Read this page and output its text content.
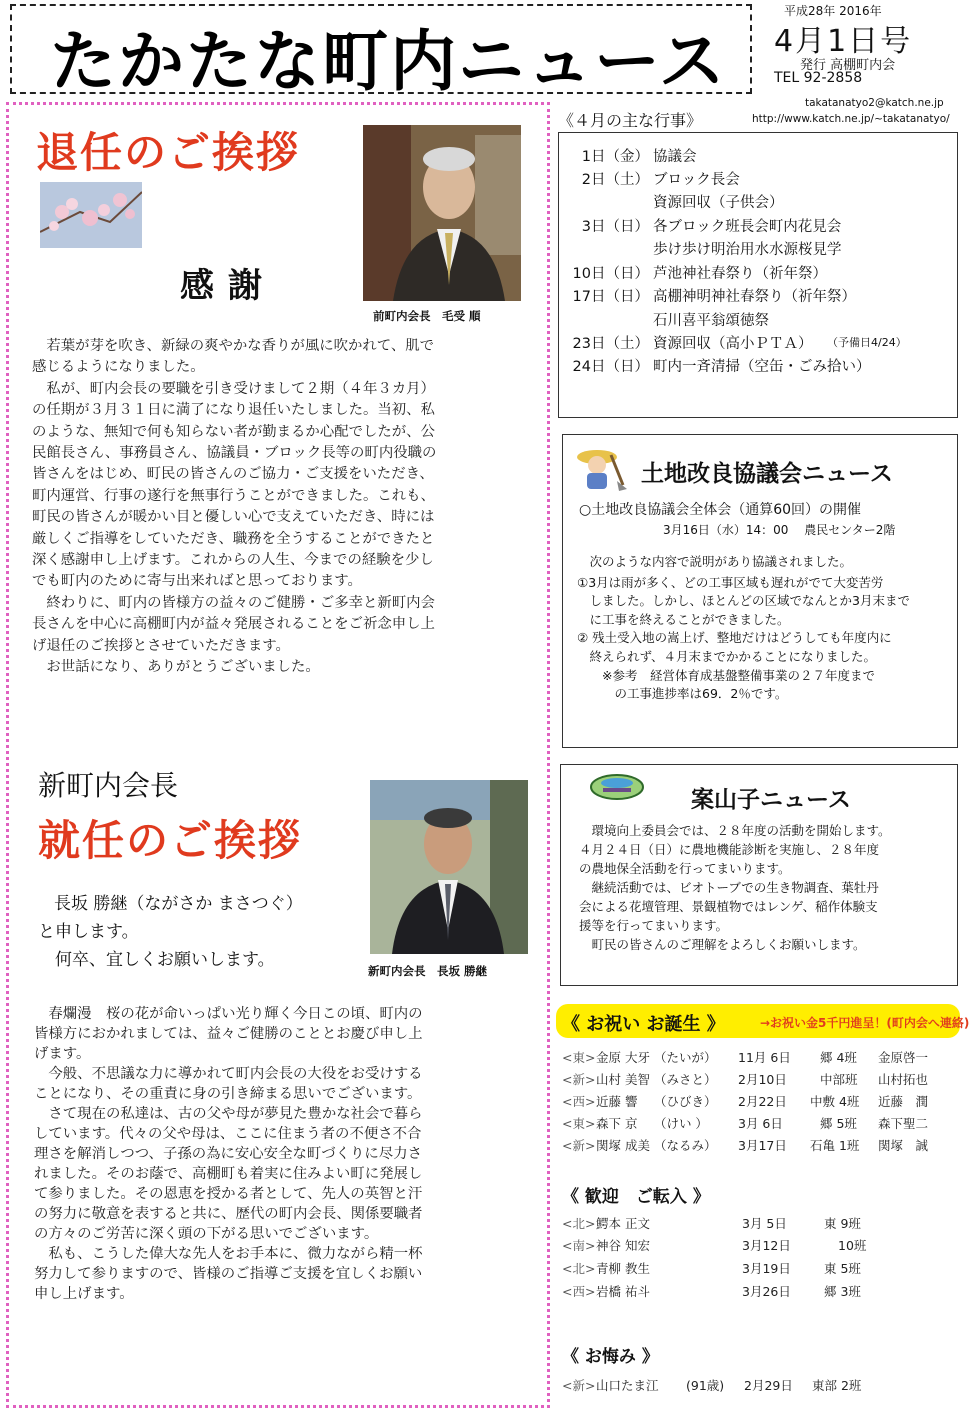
たかたな町内ニュース
平成28年 2016年
4月1日号
発行 高棚町内会
TEL 92-2858
takatanatyo2@katch.ne.jp
http://www.katch.ne.jp/~takatanatyo/
退任のご挨拶
感謝
前町内会長　毛受 順
　若葉が芽を吹き、新緑の爽やかな香りが風に吹かれて、肌で
感じるようになりました。
　私が、町内会長の要職を引き受けまして２期（４年３カ月）
の任期が３月３１日に満了になり退任いたしました。当初、私
のような、無知で何も知らない者が勤まるか心配でしたが、公
民館長さん、事務員さん、協議員・ブロック長等の町内役職の
皆さんをはじめ、町民の皆さんのご協力・ご支援をいただき、
町内運営、行事の遂行を無事行うことができました。これも、
町民の皆さんが暖かい目と優しい心で支えていただき、時には
厳しくご指導をしていただき、職務を全うすることができたと
深く感謝申し上げます。これからの人生、今までの経験を少し
でも町内のために寄与出来ればと思っております。
　終わりに、町内の皆様方の益々のご健勝・ご多幸と新町内会
長さんを中心に高棚町内が益々発展されることをご祈念申し上
げ退任のご挨拶とさせていただきます。
　お世話になり、ありがとうございました。
新町内会長
就任のご挨拶
長坂 勝継（ながさか まさつぐ）
と申します。
　何卒、宜しくお願いします。
新町内会長　長坂 勝継
　春爛漫　桜の花が命いっぱい光り輝く今日この頃、町内の
皆様方におかれましては、益々ご健勝のこととお慶び申し上
げます。
　今般、不思議な力に導かれて町内会長の大役をお受けする
ことになり、その重責に身の引き締まる思いでございます。
　さて現在の私達は、古の父や母が夢見た豊かな社会で暮ら
しています。代々の父や母は、ここに住まう者の不便さ不合
理さを解消しつつ、子孫の為に安心安全な町づくりに尽力さ
れました。そのお蔭で、高棚町も着実に住みよい町に発展し
て参りました。その恩恵を授かる者として、先人の英智と汗
の努力に敬意を表すると共に、歴代の町内会長、関係要職者
の方々のご労苦に深く頭の下がる思いでございます。
　私も、こうした偉大な先人をお手本に、微力ながら精一杯
努力して参りますので、皆様のご指導ご支援を宜しくお願い
申し上げます。
《４月の主な行事》
1日（金） 協議会
2日（土） ブロック長会
資源回収（子供会）
3日（日） 各ブロック班長会町内花見会
歩け歩け明治用水水源桜見学
10日（日） 芦池神社春祭り（祈年祭）
17日（日） 高棚神明神社春祭り（祈年祭）
石川喜平翁頌徳祭
23日（土） 資源回収（高小ＰＴＡ） （予備日4/24）
24日（日） 町内一斉清掃（空缶・ごみ拾い）
土地改良協議会ニュース
○土地改良協議会全体会（通算60回）の開催
3月16日（水）14：00　 農民センター2階
　次のような内容で説明があり協議されました。
①3月は雨が多く、どの工事区域も遅れがでて大変苦労
　しました。しかし、ほとんどの区域でなんとか3月末まで
　に工事を終えることができました。
② 残土受入地の嵩上げ、整地だけはどうしても年度内に
　終えられず、４月末までかかることになりました。
　　※参考　経営体育成基盤整備事業の２７年度まで
　　　の工事進捗率は69．2％です。
案山子ニュース
　環境向上委員会では、２８年度の活動を開始します。
４月２４日（日）に農地機能診断を実施し、２８年度
の農地保全活動を行ってまいります。
　継続活動では、ビオトーブでの生き物調査、葉牡丹
会による花壇管理、景観植物ではレンゲ、稲作体験支
援等を行ってまいります。
　町民の皆さんのご理解をよろしくお願いします。
《 お祝い お誕生 》	→お祝い金5千円進呈！(町内会へ連絡)
<東> 金原 大牙 （たいが） 11月 6日 郷 4班 金原啓一
<新> 山村 美智 （みさと） 2月10日	中部班 山村拓也
<西> 近藤 響　 （ひびき） 2月22日 中敷 4班 近藤　潤
<東> 森下 京　 （けい ） 3月 6日	郷 5班 森下聖二
<新> 関塚 成美 （なるみ） 3月17日 石亀 1班 関塚　誠
《 歓迎　ご転入 》
<北> 鰐本 正文	3月 5日	東 9班
<南> 神谷 知宏	3月12日	10班
<北> 青柳 教生	3月19日	東 5班
<西> 岩橋 祐斗	3月26日	郷 3班
《 お悔み 》
<新> 山口たま江 (91歳) 2月29日 東部 2班
